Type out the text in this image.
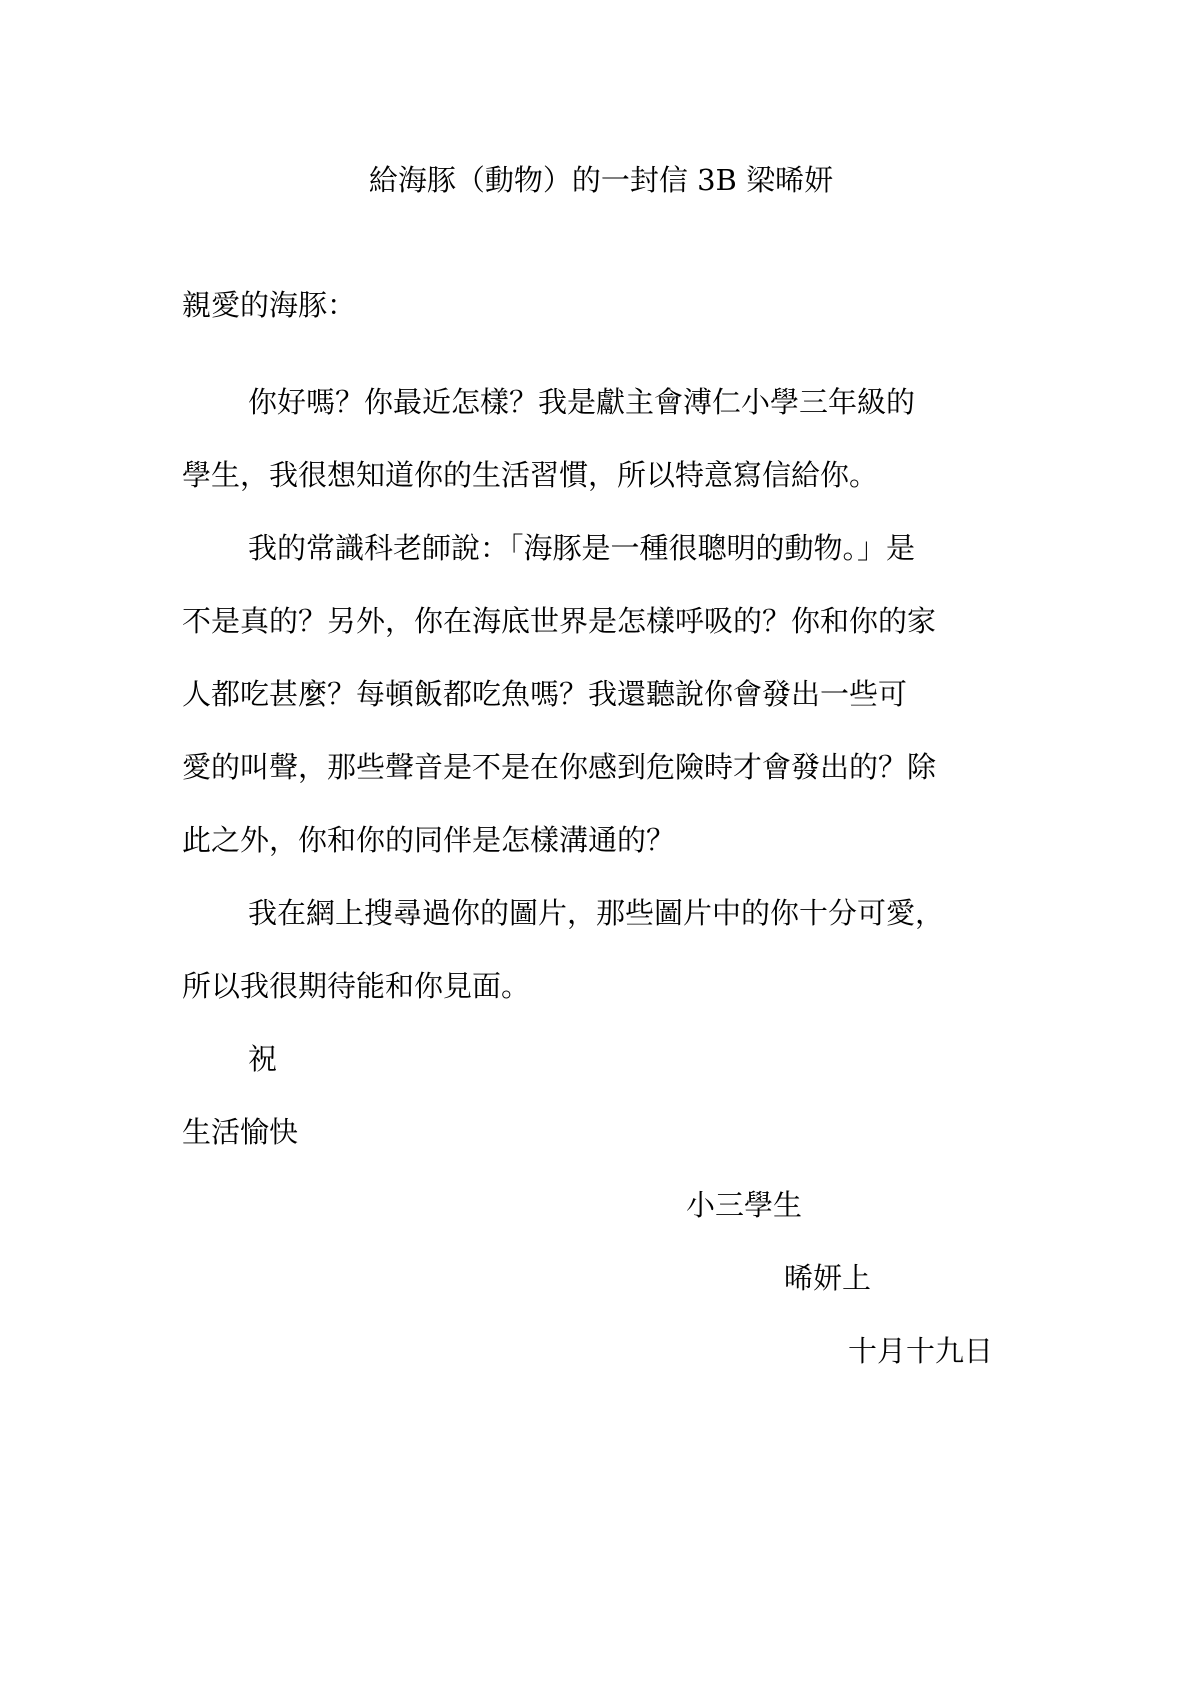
給海豚（動物）的一封信 3B 梁晞妍

親愛的海豚：

你好嗎？你最近怎樣？我是獻主會溥仁小學三年級的

學生，我很想知道你的生活習慣，所以特意寫信給你。

我的常識科老師說：「海豚是一種很聰明的動物。」是

不是真的？另外，你在海底世界是怎樣呼吸的？你和你的家

人都吃甚麼？每頓飯都吃魚嗎？我還聽說你會發出一些可

愛的叫聲，那些聲音是不是在你感到危險時才會發出的？除

此之外，你和你的同伴是怎樣溝通的？

我在網上搜尋過你的圖片，那些圖片中的你十分可愛，

所以我很期待能和你見面。

祝

生活愉快

小三學生

晞妍上

十月十九日
